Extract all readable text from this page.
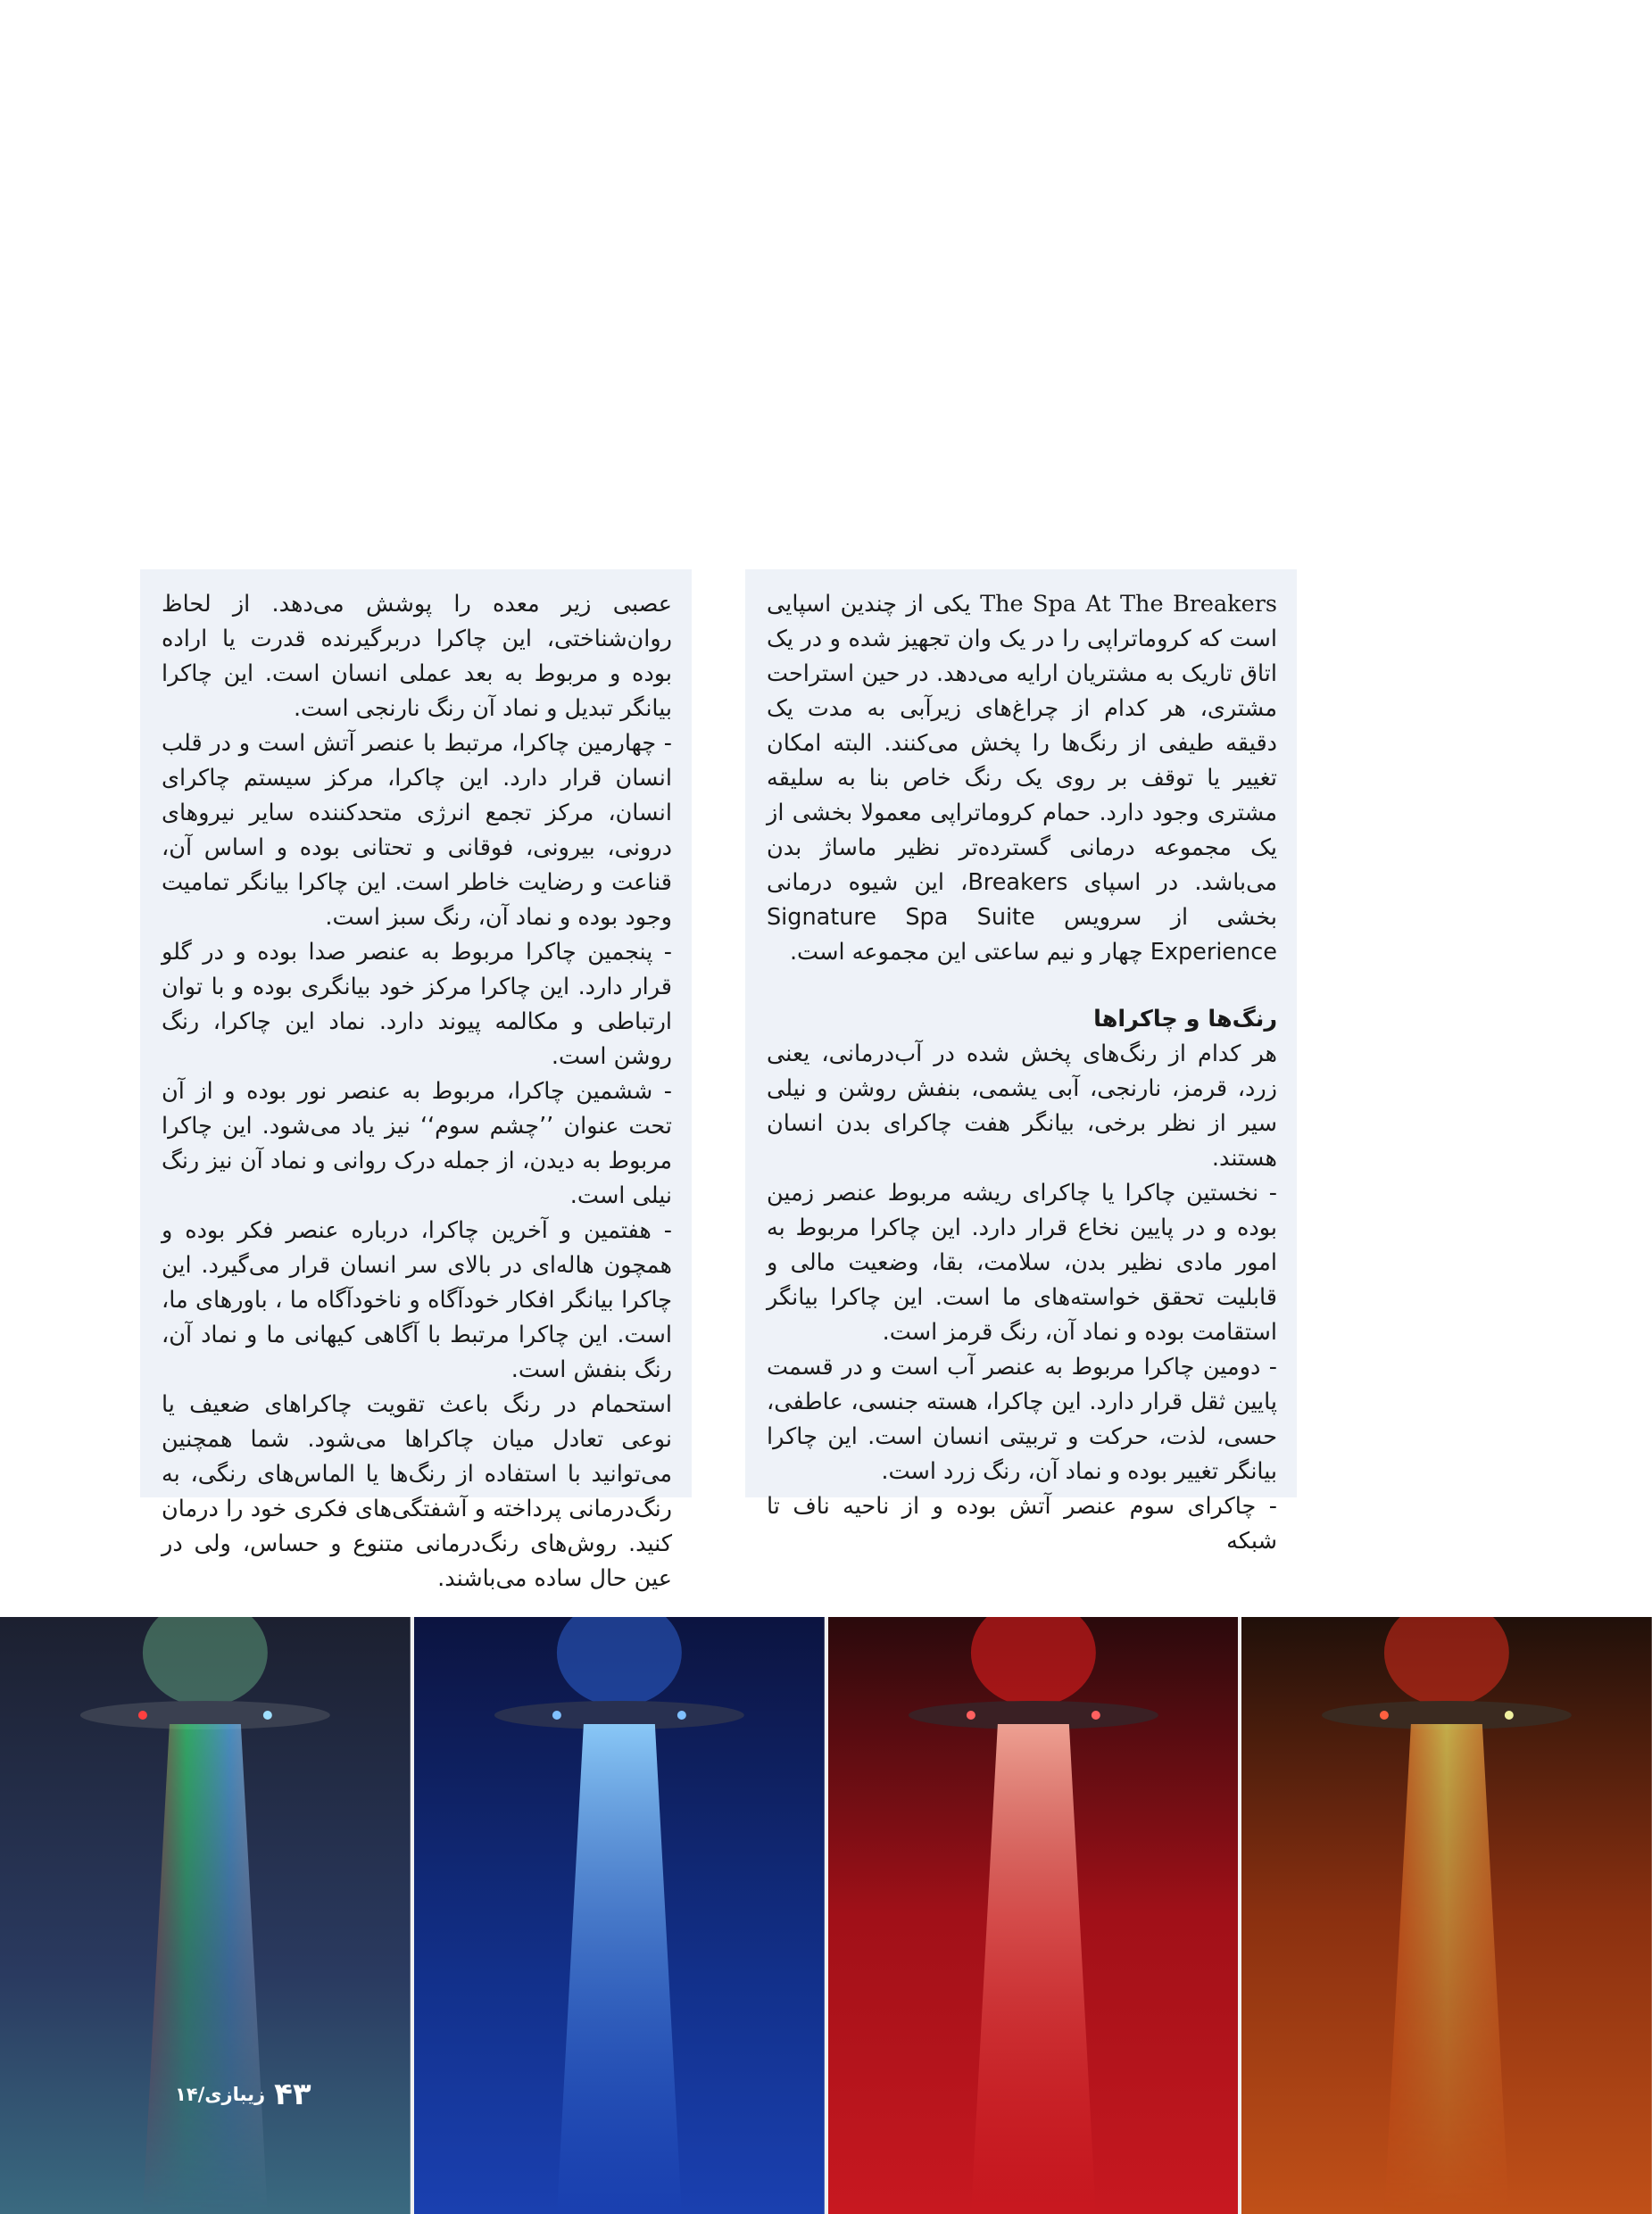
The Spa At The Breakers یکی از چندین اسپایی است که کروماتراپی را در یک وان تجهیز شده و در یک اتاق تاریک به مشتریان ارایه می‌دهد. در حین استراحت مشتری، هر کدام از چراغ‌های زیرآبی به مدت یک دقیقه طیفی از رنگ‌ها را پخش می‌کنند. البته امکان تغییر یا توقف بر روی یک رنگ خاص بنا به سلیقه مشتری وجود دارد. حمام کروماتراپی معمولا بخشی از یک مجموعه درمانی گسترده‌تر نظیر ماساژ بدن می‌باشد. در اسپای Breakers، این شیوه درمانی بخشی از سرویس Signature Spa Suite Experience چهار و نیم ساعتی این مجموعه است.

رنگ‌ها و چاکراها

هر کدام از رنگ‌های پخش شده در آب‌درمانی، یعنی زرد، قرمز، نارنجی، آبی یشمی، بنفش روشن و نیلی سیر از نظر برخی، بیانگر هفت چاکرای بدن انسان هستند.

- نخستین چاکرا یا چاکرای ریشه مربوط عنصر زمین بوده و در پایین نخاع قرار دارد. این چاکرا مربوط به امور مادی نظیر بدن، سلامت، بقا، وضعیت مالی و قابلیت تحقق خواسته‌های ما است. این چاکرا بیانگر استقامت بوده و نماد آن، رنگ قرمز است.

- دومین چاکرا مربوط به عنصر آب است و در قسمت پایین ثقل قرار دارد. این چاکرا، هسته جنسی، عاطفی، حسی، لذت، حرکت و تربیتی انسان است. این چاکرا بیانگر تغییر بوده و نماد آن، رنگ زرد است.

- چاکرای سوم عنصر آتش بوده و از ناحیه ناف تا شبکه

عصبی زیر معده را پوشش می‌دهد. از لحاظ روان‌شناختی، این چاکرا دربرگیرنده قدرت یا اراده بوده و مربوط به بعد عملی انسان است. این چاکرا بیانگر تبدیل و نماد آن رنگ نارنجی است.

- چهارمین چاکرا، مرتبط با عنصر آتش است و در قلب انسان قرار دارد. این چاکرا، مرکز سیستم چاکرای انسان، مرکز تجمع انرژی متحدکننده سایر نیروهای درونی، بیرونی، فوقانی و تحتانی بوده و اساس آن، قناعت و رضایت خاطر است. این چاکرا بیانگر تمامیت وجود بوده و نماد آن، رنگ سبز است.

- پنجمین چاکرا مربوط به عنصر صدا بوده و در گلو قرار دارد. این چاکرا مرکز خود بیانگری بوده و با توان ارتباطی و مکالمه پیوند دارد. نماد این چاکرا، رنگ روشن است.

- ششمین چاکرا، مربوط به عنصر نور بوده و از آن تحت عنوان ’’چشم سوم‘‘ نیز یاد می‌شود. این چاکرا مربوط به دیدن، از جمله درک روانی و نماد آن نیز رنگ نیلی است.

- هفتمین و آخرین چاکرا، درباره عنصر فکر بوده و همچون هاله‌ای در بالای سر انسان قرار می‌گیرد. این چاکرا بیانگر افکار خودآگاه و ناخودآگاه ما ، باورهای ما، است. این چاکرا مرتبط با آگاهی کیهانی ما و نماد آن، رنگ بنفش است.

استحمام در رنگ باعث تقویت چاکراهای ضعیف یا نوعی تعادل میان چاکراها می‌شود. شما همچنین می‌توانید با استفاده از رنگ‌ها یا الماس‌های رنگی، به رنگ‌درمانی پرداخته و آشفتگی‌های فکری خود را درمان کنید. روش‌های رنگ‌درمانی متنوع و حساس، ولی در عین حال ساده می‌باشند.

۴۳
زیبازی/۱۴
